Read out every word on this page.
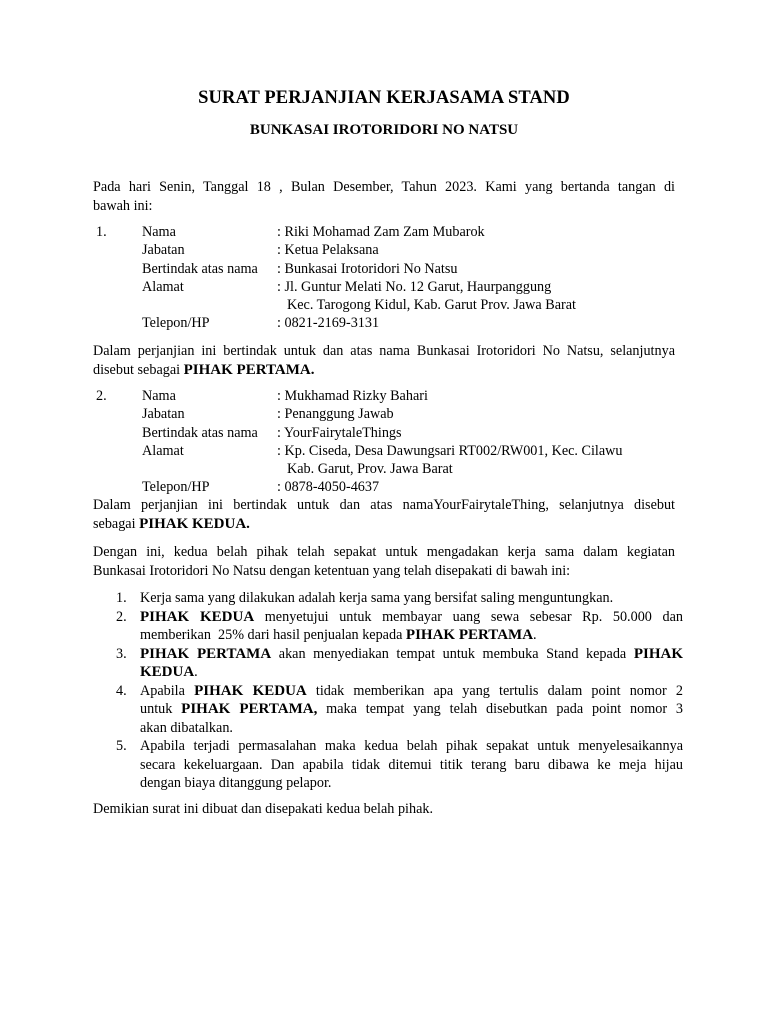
SURAT PERJANJIAN KERJASAMA STAND
BUNKASAI IROTORIDORI NO NATSU
Pada hari Senin, Tanggal 18 , Bulan Desember, Tahun 2023. Kami yang bertanda tangan di
bawah ini:
1. Nama	: Riki Mohamad Zam Zam Mubarok
Jabatan	: Ketua Pelaksana
Bertindak atas nama : Bunkasai Irotoridori No Natsu
Alamat	: Jl. Guntur Melati No. 12 Garut, Haurpanggung
Kec. Tarogong Kidul, Kab. Garut Prov. Jawa Barat
Telepon/HP	: 0821-2169-3131
Dalam perjanjian ini bertindak untuk dan atas nama Bunkasai Irotoridori No Natsu, selanjutnya
disebut sebagai PIHAK PERTAMA.
2. Nama	: Mukhamad Rizky Bahari
Jabatan	: Penanggung Jawab
Bertindak atas nama : YourFairytaleThings
Alamat	: Kp. Ciseda, Desa Dawungsari RT002/RW001, Kec. Cilawu
Kab. Garut, Prov. Jawa Barat
Telepon/HP	: 0878-4050-4637
Dalam perjanjian ini bertindak untuk dan atas namaYourFairytaleThing, selanjutnya disebut
sebagai PIHAK KEDUA.
Dengan ini, kedua belah pihak telah sepakat untuk mengadakan kerja sama dalam kegiatan
Bunkasai Irotoridori No Natsu dengan ketentuan yang telah disepakati di bawah ini:
1. Kerja sama yang dilakukan adalah kerja sama yang bersifat saling menguntungkan.
2. PIHAK KEDUA menyetujui untuk membayar uang sewa sebesar Rp. 50.000 dan
memberikan  25% dari hasil penjualan kepada PIHAK PERTAMA.
3. PIHAK PERTAMA akan menyediakan tempat untuk membuka Stand kepada PIHAK
KEDUA.
4. Apabila PIHAK KEDUA tidak memberikan apa yang tertulis dalam point nomor 2
untuk PIHAK PERTAMA, maka tempat yang telah disebutkan pada point nomor 3
akan dibatalkan.
5. Apabila terjadi permasalahan maka kedua belah pihak sepakat untuk menyelesaikannya
secara kekeluargaan. Dan apabila tidak ditemui titik terang baru dibawa ke meja hijau
dengan biaya ditanggung pelapor.
Demikian surat ini dibuat dan disepakati kedua belah pihak.
